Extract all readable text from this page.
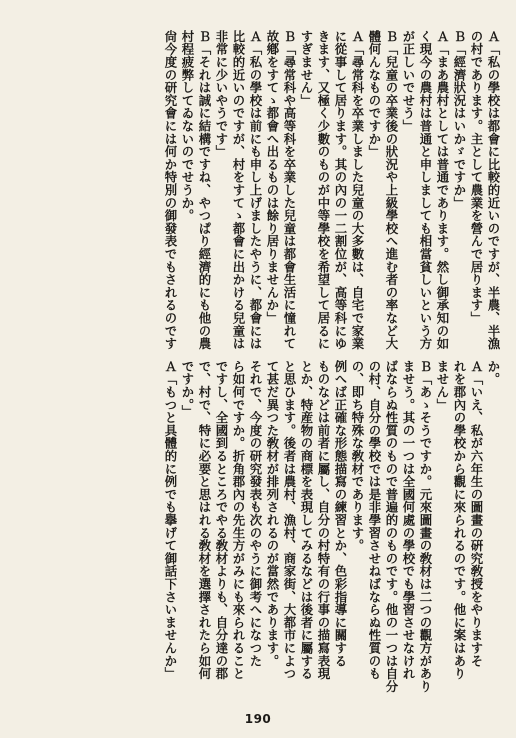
Ａ「私の學校は都會に比較的近いのですが、半農、半漁
の村であります。主として農業を營んで居ります」
Ｂ「經濟狀況はいかゞですか」
Ａ「まあ農村としては普通であります。然し御承知の如
く現今の農村は普通と申しましても相當貧しいという方
が正しいでせう」
Ｂ「兒童の卒業後の狀況や上級學校へ進む者の率など大
體何んなものですか」
Ａ「尋常科を卒業しました兒童の大多數は、自宅で家業
に從事して居ります。其の內の一二割位が、高等科にゆ
きます、又極く少數のものが中等學校を希望して居るに
すぎません」
Ｂ「尋常科や高等科を卒業した兒童は都會生活に憧れて
故鄕をすてゝ都會へ出るものは餘り居りませんか」
Ａ「私の學校は前にも申し上げましたやうに、都會には
比較的近いのですが、村をすてゝ都會に出かける兒童は
非常に少いやうです」
Ｂ「それは誠に結構ですね、やつぱり經濟的にも他の農
村程疲弊してゐないのでせうか。
尙今度の研究會には何か特別の御發表でもされるのです
か。
Ａ「いえ、私が六年生の圖畫の硏究敎授をやりますそ
れを郡內の學校から觀に來られるのです。他に案はあり
ません」
Ｂ「あゝそうですか。元來圖畫の敎材は二つの觀方があり
ませう。其の一つは全國何處の學校でも學習させなけれ
ばならぬ性質のもので普遍的のものです。他の一つは自分
の村、自分の學校では是非學習させねばならぬ性質のも
の、即ち特殊な敎材であります。
例へば正確な形態描寫の練習とか、色彩指導に關する
ものなどは前者に屬し、自分の村特有の行事の描寫表現
とか、特産物の商標を表現してみるなどは後者に屬する
と思ひます。後者は農村、漁村、商家街、大都市によつ
て甚だ異つた敎材が排列されるのが當然であります。
それで、今度の研究發表も次のやうに御考へになつた
ら如何ですか。折角郡內の先生方がみにも來られること
ですし、全國到るところでやる敎材よりも、自分達の郡
で、村で、特に必要と思はれる敎材を選擇されたら如何
ですか。」
Ａ「もつと具體的に例でも擧げて御話下さいませんか」
190
